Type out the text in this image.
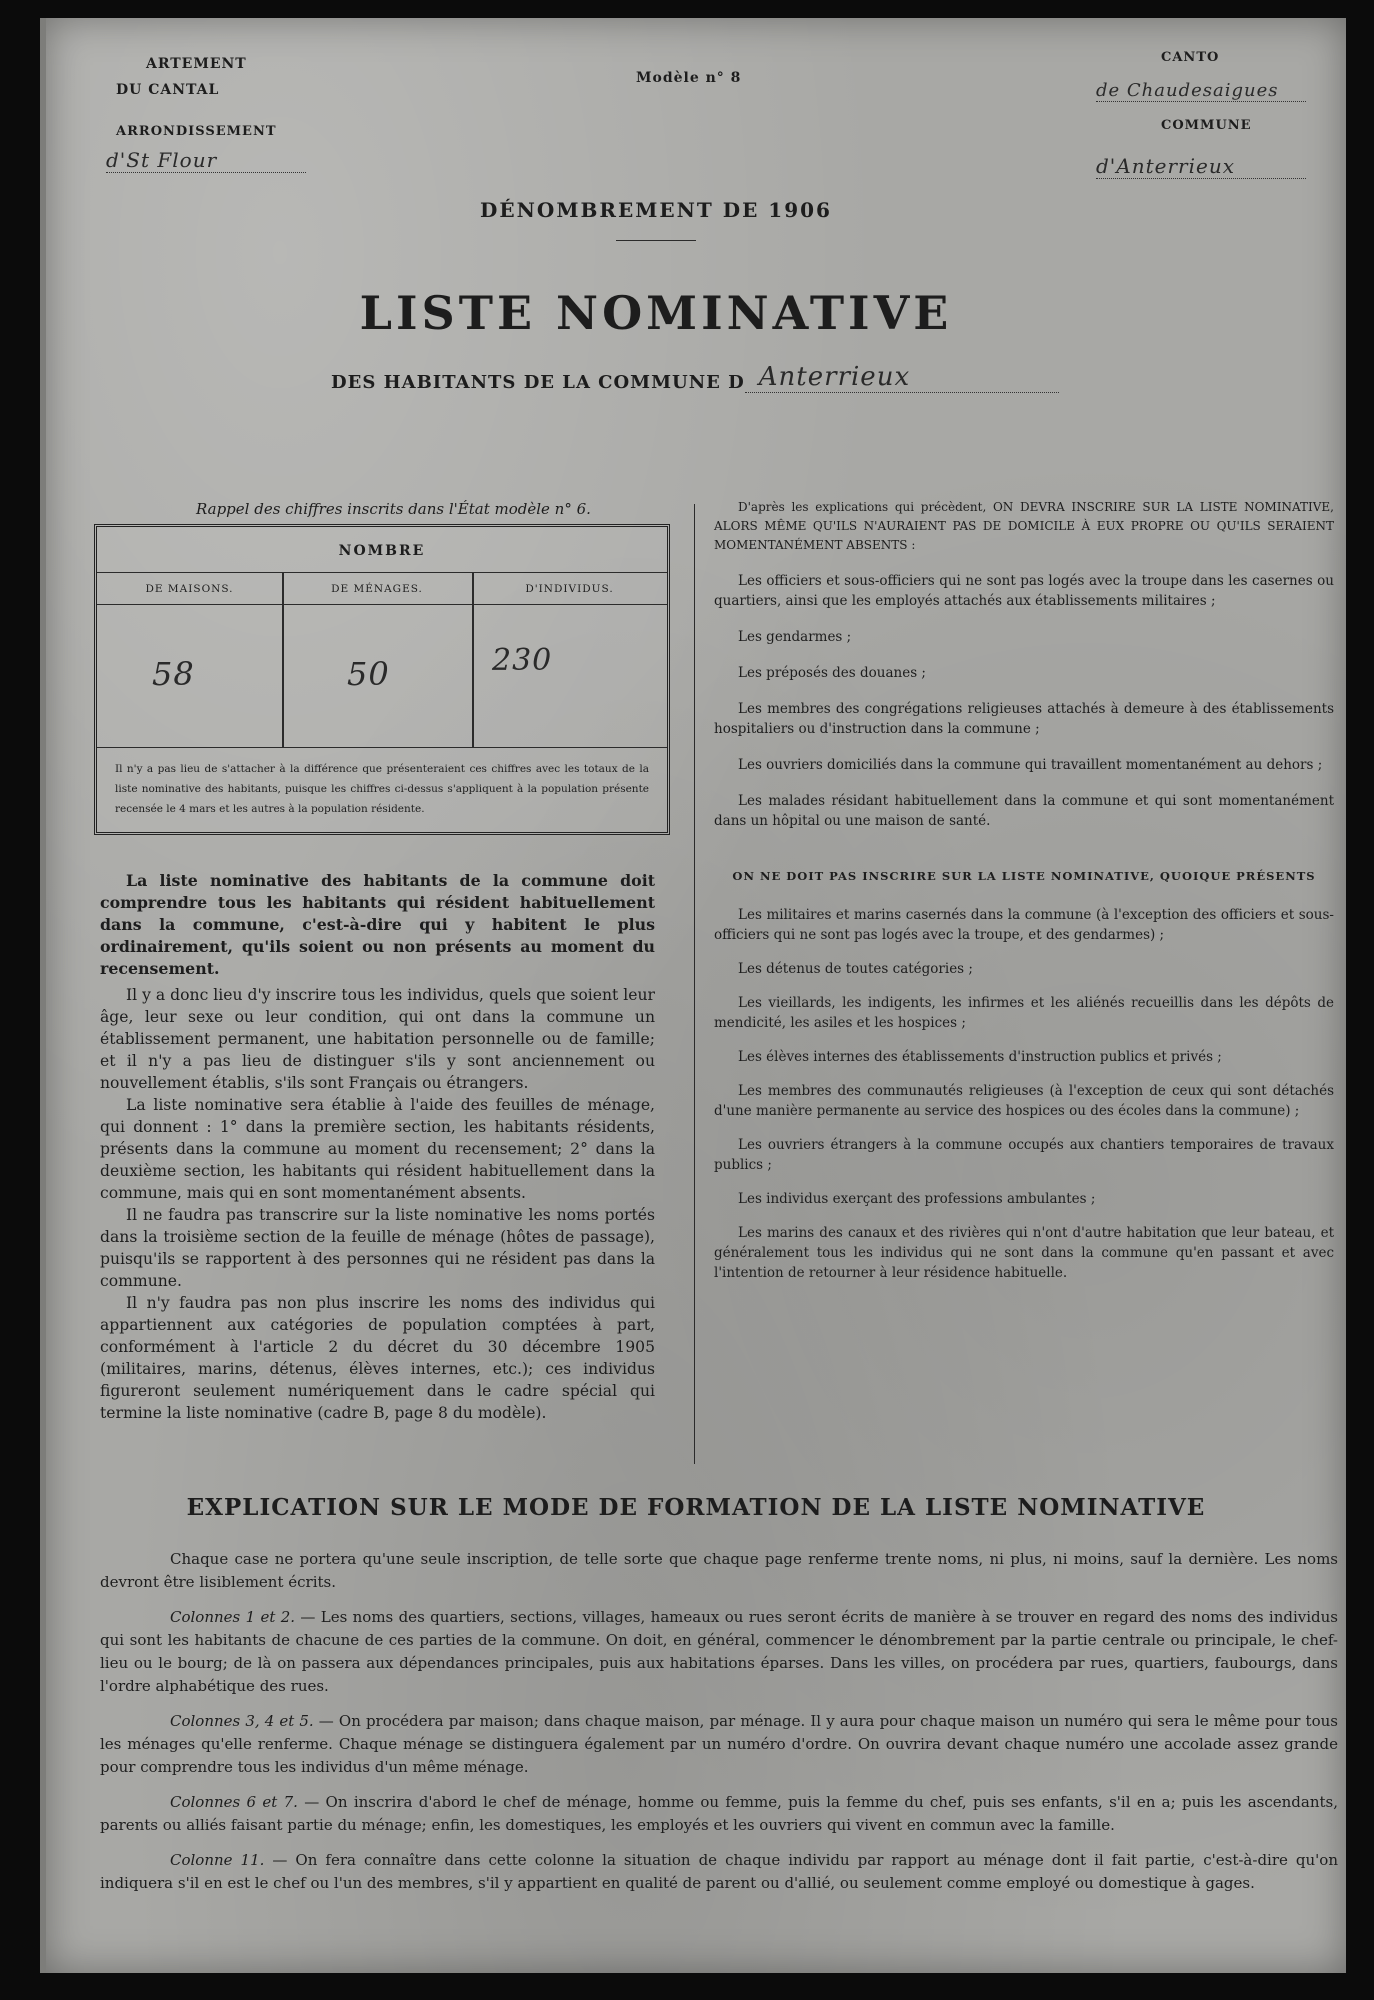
ARTEMENT
DU CANTAL
ARRONDISSEMENT
d'St Flour
Modèle n° 8
CANTO
de Chaudesaigues
COMMUNE
d'Anterrieux
DÉNOMBREMENT DE 1906
LISTE NOMINATIVE
DES HABITANTS DE LA COMMUNE D Anterrieux
Rappel des chiffres inscrits dans l'État modèle n° 6.
NOMBRE
DE MAISONS.	DE MÉNAGES.	D'INDIVIDUS.
58	50	230
Il n'y a pas lieu de s'attacher à la différence que présenteraient ces chiffres avec les totaux de la liste nominative des habitants, puisque les chiffres ci-dessus s'appliquent à la population présente recensée le 4 mars et les autres à la population résidente.

La liste nominative des habitants de la commune doit comprendre tous les habitants qui résident habituellement dans la commune, c'est-à-dire qui y habitent le plus ordinairement, qu'ils soient ou non présents au moment du recensement.

Il y a donc lieu d'y inscrire tous les individus, quels que soient leur âge, leur sexe ou leur condition, qui ont dans la commune un établissement permanent, une habitation personnelle ou de famille; et il n'y a pas lieu de distinguer s'ils y sont anciennement ou nouvellement établis, s'ils sont Français ou étrangers.

La liste nominative sera établie à l'aide des feuilles de ménage, qui donnent : 1° dans la première section, les habitants résidents, présents dans la commune au moment du recensement; 2° dans la deuxième section, les habitants qui résident habituellement dans la commune, mais qui en sont momentanément absents.

Il ne faudra pas transcrire sur la liste nominative les noms portés dans la troisième section de la feuille de ménage (hôtes de passage), puisqu'ils se rapportent à des personnes qui ne résident pas dans la commune.

Il n'y faudra pas non plus inscrire les noms des individus qui appartiennent aux catégories de population comptées à part, conformément à l'article 2 du décret du 30 décembre 1905 (militaires, marins, détenus, élèves internes, etc.); ces individus figureront seulement numériquement dans le cadre spécial qui termine la liste nominative (cadre B, page 8 du modèle).

D'après les explications qui précèdent, ON DEVRA INSCRIRE SUR LA LISTE NOMINATIVE, ALORS MÊME QU'ILS N'AURAIENT PAS DE DOMICILE À EUX PROPRE OU QU'ILS SERAIENT MOMENTANÉMENT ABSENTS :

Les officiers et sous-officiers qui ne sont pas logés avec la troupe dans les casernes ou quartiers, ainsi que les employés attachés aux établissements militaires ;

Les gendarmes ;

Les préposés des douanes ;

Les membres des congrégations religieuses attachés à demeure à des établissements hospitaliers ou d'instruction dans la commune ;

Les ouvriers domiciliés dans la commune qui travaillent momentanément au dehors ;

Les malades résidant habituellement dans la commune et qui sont momentanément dans un hôpital ou une maison de santé.

ON NE DOIT PAS INSCRIRE SUR LA LISTE NOMINATIVE, QUOIQUE PRÉSENTS

Les militaires et marins casernés dans la commune (à l'exception des officiers et sous-officiers qui ne sont pas logés avec la troupe, et des gendarmes) ;

Les détenus de toutes catégories ;

Les vieillards, les indigents, les infirmes et les aliénés recueillis dans les dépôts de mendicité, les asiles et les hospices ;

Les élèves internes des établissements d'instruction publics et privés ;

Les membres des communautés religieuses (à l'exception de ceux qui sont détachés d'une manière permanente au service des hospices ou des écoles dans la commune) ;

Les ouvriers étrangers à la commune occupés aux chantiers temporaires de travaux publics ;

Les individus exerçant des professions ambulantes ;

Les marins des canaux et des rivières qui n'ont d'autre habitation que leur bateau, et généralement tous les individus qui ne sont dans la commune qu'en passant et avec l'intention de retourner à leur résidence habituelle.

EXPLICATION SUR LE MODE DE FORMATION DE LA LISTE NOMINATIVE

Chaque case ne portera qu'une seule inscription, de telle sorte que chaque page renferme trente noms, ni plus, ni moins, sauf la dernière. Les noms devront être lisiblement écrits.

Colonnes 1 et 2. — Les noms des quartiers, sections, villages, hameaux ou rues seront écrits de manière à se trouver en regard des noms des individus qui sont les habitants de chacune de ces parties de la commune. On doit, en général, commencer le dénombrement par la partie centrale ou principale, le chef-lieu ou le bourg; de là on passera aux dépendances principales, puis aux habitations éparses. Dans les villes, on procédera par rues, quartiers, faubourgs, dans l'ordre alphabétique des rues.

Colonnes 3, 4 et 5. — On procédera par maison; dans chaque maison, par ménage. Il y aura pour chaque maison un numéro qui sera le même pour tous les ménages qu'elle renferme. Chaque ménage se distinguera également par un numéro d'ordre. On ouvrira devant chaque numéro une accolade assez grande pour comprendre tous les individus d'un même ménage.

Colonnes 6 et 7. — On inscrira d'abord le chef de ménage, homme ou femme, puis la femme du chef, puis ses enfants, s'il en a; puis les ascendants, parents ou alliés faisant partie du ménage; enfin, les domestiques, les employés et les ouvriers qui vivent en commun avec la famille.

Colonne 11. — On fera connaître dans cette colonne la situation de chaque individu par rapport au ménage dont il fait partie, c'est-à-dire qu'on indiquera s'il en est le chef ou l'un des membres, s'il y appartient en qualité de parent ou d'allié, ou seulement comme employé ou domestique à gages.
